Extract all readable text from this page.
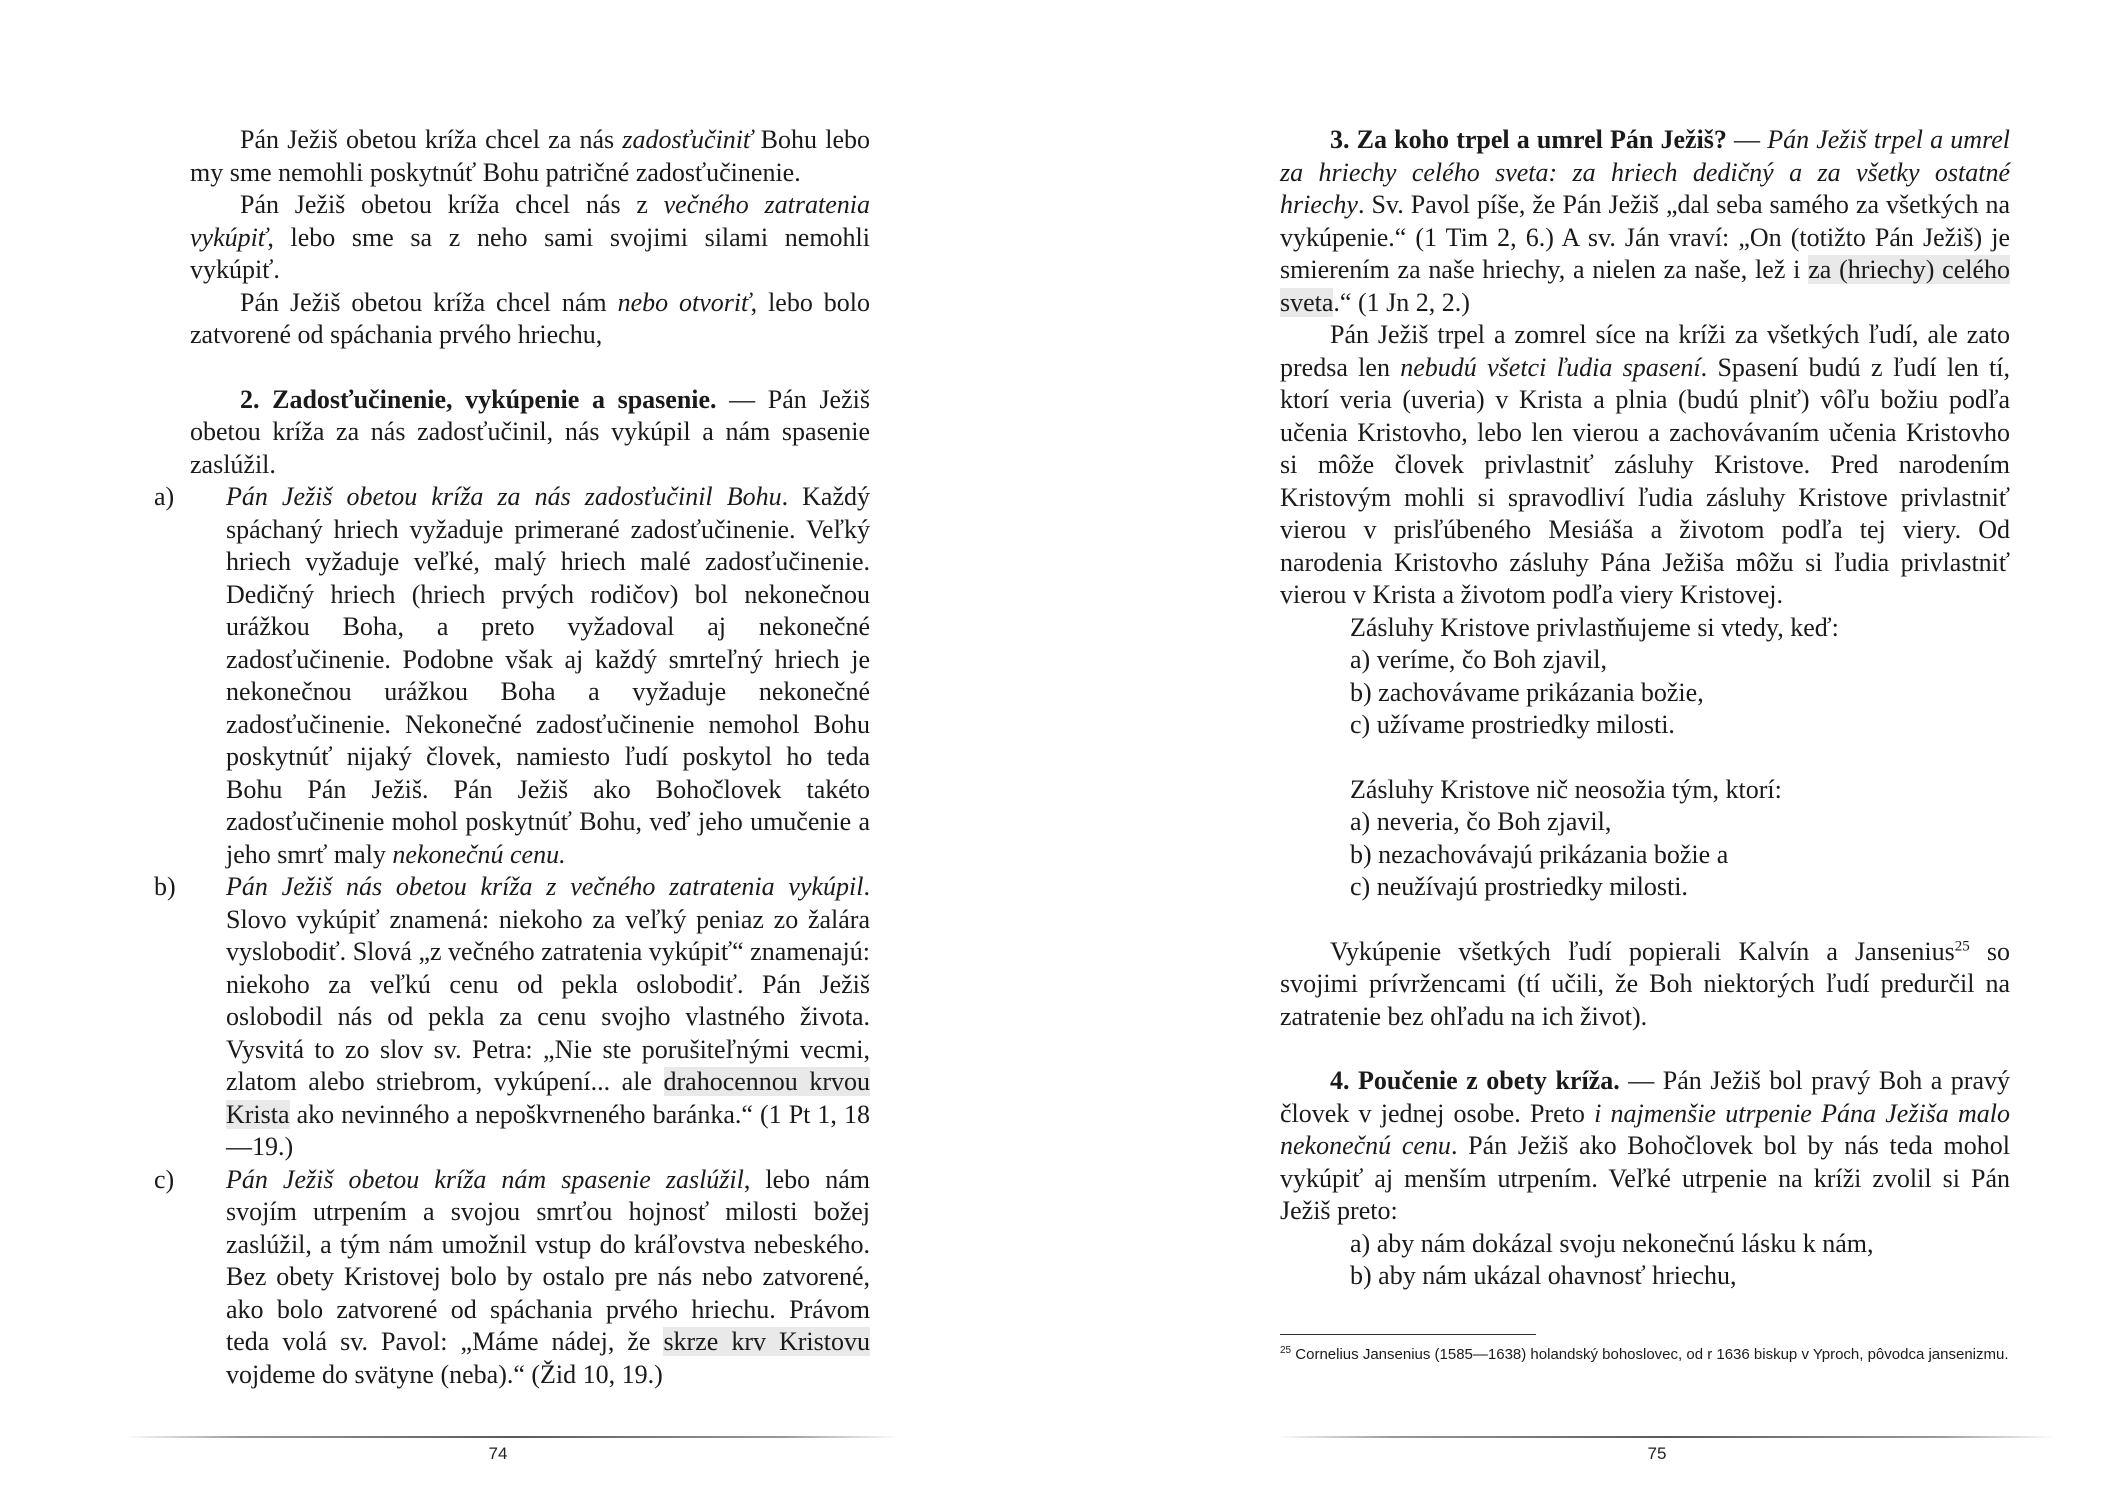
Pán Ježiš obetou kríža chcel za nás zadosťučiniť Bohu lebo my sme nemohli poskytnúť Bohu patričné zadosťučinenie.

Pán Ježiš obetou kríža chcel nás z večného zatratenia vykúpiť, lebo sme sa z neho sami svojimi silami nemohli vykúpiť.

Pán Ježiš obetou kríža chcel nám nebo otvoriť, lebo bolo zatvorené od spáchania prvého hriechu,

2. Zadosťučinenie, vykúpenie a spasenie. — Pán Ježiš obetou kríža za nás zadosťučinil, nás vykúpil a nám spasenie zaslúžil.

a)	Pán Ježiš obetou kríža za nás zadosťučinil Bohu. Každý spáchaný hriech vyžaduje primerané zadosťučinenie. Veľký hriech vyžaduje veľké, malý hriech malé zadosťučinenie. Dedičný hriech (hriech prvých rodičov) bol nekonečnou urážkou Boha, a preto vyžadoval aj nekonečné zadosťučinenie. Podobne však aj každý smrteľný hriech je nekonečnou urážkou Boha a vyžaduje nekonečné zadosťučinenie. Nekonečné zadosťučinenie nemohol Bohu poskytnúť nijaký človek, namiesto ľudí poskytol ho teda Bohu Pán Ježiš. Pán Ježiš ako Bohočlovek takéto zadosťučinenie mohol poskytnúť Bohu, veď jeho umučenie a jeho smrť maly nekonečnú cenu.

b)	Pán Ježiš nás obetou kríža z večného zatratenia vykúpil. Slovo vykúpiť znamená: niekoho za veľký peniaz zo žalára vyslobodiť. Slová „z večného zatratenia vykúpiť“ znamenajú: niekoho za veľkú cenu od pekla oslobodiť. Pán Ježiš oslobodil nás od pekla za cenu svojho vlastného života. Vysvitá to zo slov sv. Petra: „Nie ste porušiteľnými vecmi, zlatom alebo striebrom, vykúpení... ale drahocennou krvou Krista ako nevinného a nepoškvrneného baránka.“ (1 Pt 1, 18—19.)

c)	Pán Ježiš obetou kríža nám spasenie zaslúžil, lebo nám svojím utrpením a svojou smrťou hojnosť milosti božej zaslúžil, a tým nám umožnil vstup do kráľovstva nebeského. Bez obety Kristovej bolo by ostalo pre nás nebo zatvorené, ako bolo zatvorené od spáchania prvého hriechu. Právom teda volá sv. Pavol: „Máme nádej, že skrze krv Kristovu vojdeme do svätyne (neba).“ (Žid 10, 19.)

74

3. Za koho trpel a umrel Pán Ježiš? — Pán Ježiš trpel a umrel za hriechy celého sveta: za hriech dedičný a za všetky ostatné hriechy. Sv. Pavol píše, že Pán Ježiš „dal seba samého za všetkých na vykúpenie.“ (1 Tim 2, 6.) A sv. Ján vraví: „On (totižto Pán Ježiš) je smierením za naše hriechy, a nielen za naše, lež i za (hriechy) celého sveta.“ (1 Jn 2, 2.)

Pán Ježiš trpel a zomrel síce na kríži za všetkých ľudí, ale zato predsa len nebudú všetci ľudia spasení. Spasení budú z ľudí len tí, ktorí veria (uveria) v Krista a plnia (budú plniť) vôľu božiu podľa učenia Kristovho, lebo len vierou a zachovávaním učenia Kristovho si môže človek privlastniť zásluhy Kristove. Pred narodením Kristovým mohli si spravodliví ľudia zásluhy Kristove privlastniť vierou v prisľúbeného Mesiáša a životom podľa tej viery. Od narodenia Kristovho zásluhy Pána Ježiša môžu si ľudia privlastniť vierou v Krista a životom podľa viery Kristovej.

Zásluhy Kristove privlastňujeme si vtedy, keď:

a) veríme, čo Boh zjavil,

b) zachovávame prikázania božie,

c) užívame prostriedky milosti.

Zásluhy Kristove nič neosožia tým, ktorí:

a) neveria, čo Boh zjavil,

b) nezachovávajú prikázania božie a

c) neužívajú prostriedky milosti.

Vykúpenie všetkých ľudí popierali Kalvín a Jansenius$^{25}$ so svojimi prívržencami (tí učili, že Boh niektorých ľudí predurčil na zatratenie bez ohľadu na ich život).

4. Poučenie z obety kríža. — Pán Ježiš bol pravý Boh a pravý človek v jednej osobe. Preto i najmenšie utrpenie Pána Ježiša malo nekonečnú cenu. Pán Ježiš ako Bohočlovek bol by nás teda mohol vykúpiť aj menším utrpením. Veľké utrpenie na kríži zvolil si Pán Ježiš preto:

a) aby nám dokázal svoju nekonečnú lásku k nám,

b) aby nám ukázal ohavnosť hriechu,

$^{25}$ Cornelius Jansenius (1585—1638) holandský bohoslovec, od r 1636 biskup v Yproch, pôvodca jansenizmu.
75
